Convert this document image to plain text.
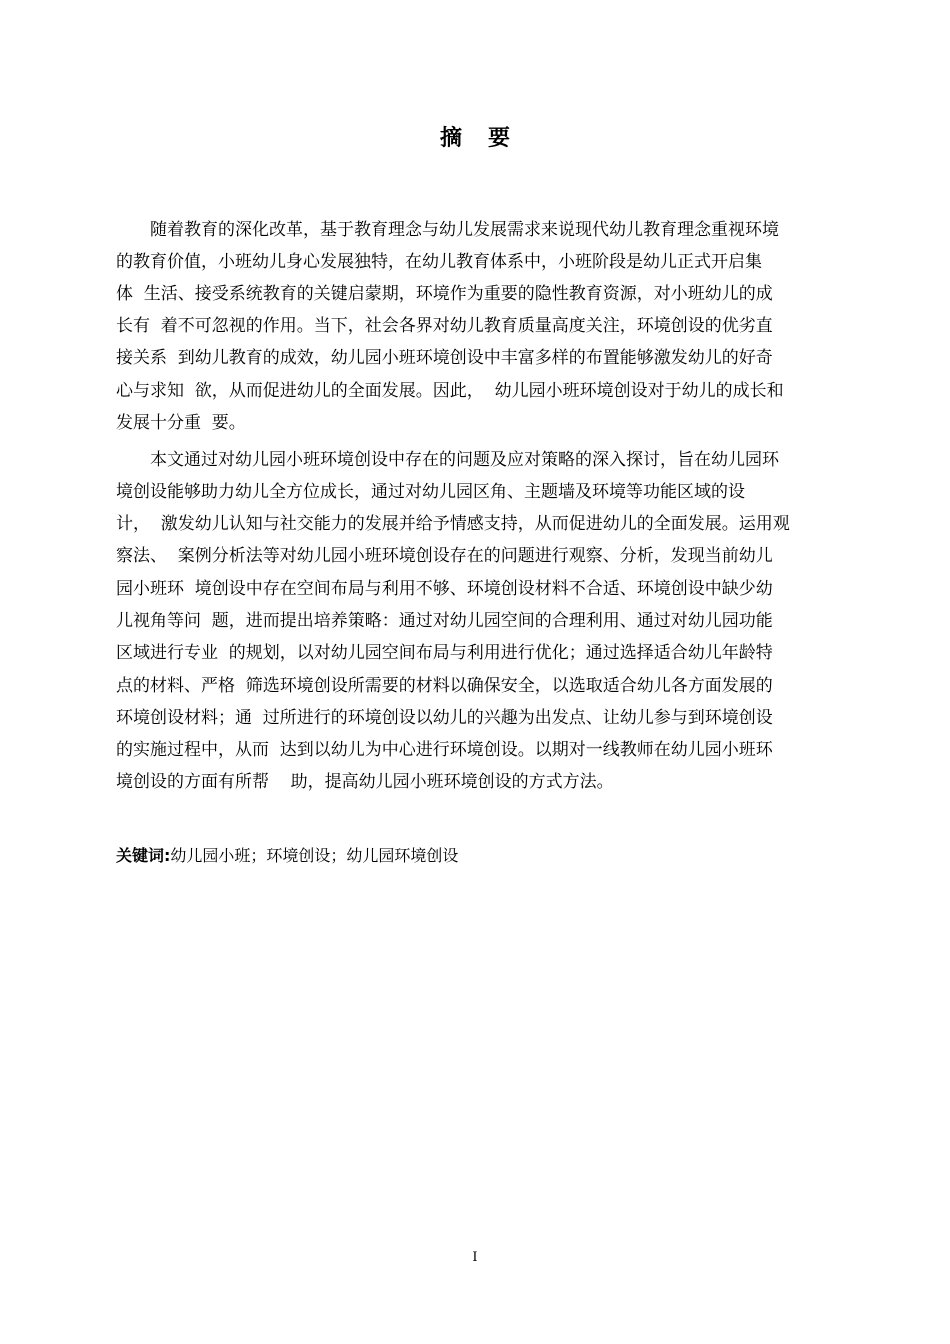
摘要
随着教育的深化改革，基于教育理念与幼儿发展需求来说现代幼儿教育理念重视环境
的教育价值，小班幼儿身心发展独特，在幼儿教育体系中，小班阶段是幼儿正式开启集
体  生活、接受系统教育的关键启蒙期，环境作为重要的隐性教育资源，对小班幼儿的成
长有  着不可忽视的作用。当下，社会各界对幼儿教育质量高度关注，环境创设的优劣直
接关系  到幼儿教育的成效，幼儿园小班环境创设中丰富多样的布置能够激发幼儿的好奇
心与求知  欲，从而促进幼儿的全面发展。因此，  幼儿园小班环境创设对于幼儿的成长和
发展十分重  要。
本文通过对幼儿园小班环境创设中存在的问题及应对策略的深入探讨，旨在幼儿园环
境创设能够助力幼儿全方位成长，通过对幼儿园区角、主题墙及环境等功能区域的设
计，  激发幼儿认知与社交能力的发展并给予情感支持，从而促进幼儿的全面发展。运用观
察法、  案例分析法等对幼儿园小班环境创设存在的问题进行观察、分析，发现当前幼儿
园小班环  境创设中存在空间布局与利用不够、环境创设材料不合适、环境创设中缺少幼
儿视角等问  题，进而提出培养策略：通过对幼儿园空间的合理利用、通过对幼儿园功能
区域进行专业  的规划，以对幼儿园空间布局与利用进行优化；通过选择适合幼儿年龄特
点的材料、严格  筛选环境创设所需要的材料以确保安全，以选取适合幼儿各方面发展的
环境创设材料；通  过所进行的环境创设以幼儿的兴趣为出发点、让幼儿参与到环境创设
的实施过程中，从而  达到以幼儿为中心进行环境创设。以期对一线教师在幼儿园小班环
境创设的方面有所帮    助，提高幼儿园小班环境创设的方式方法。
关键词:幼儿园小班；环境创设；幼儿园环境创设
I
